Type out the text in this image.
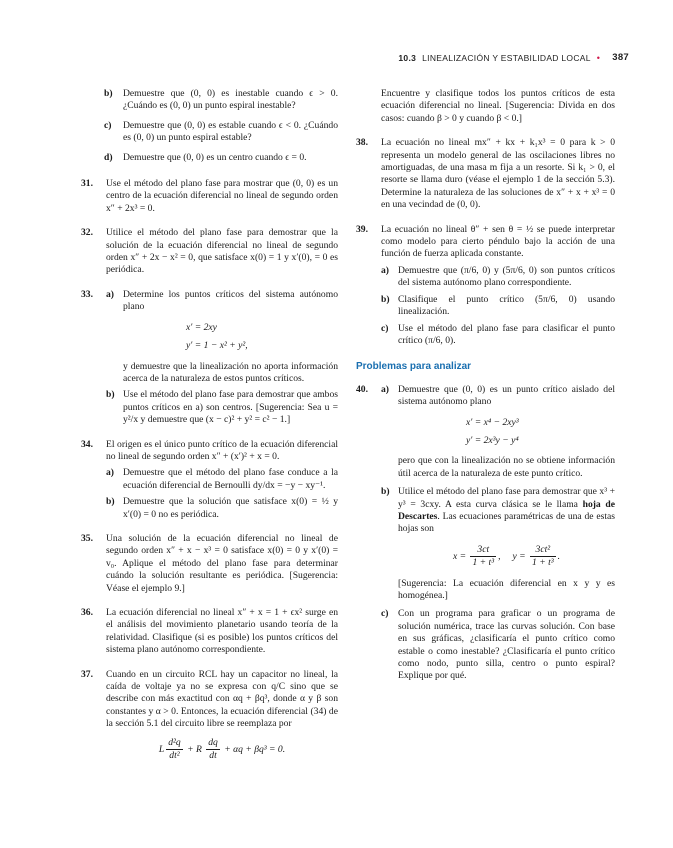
10.3 LINEALIZACIÓN Y ESTABILIDAD LOCAL • 387
b) Demuestre que (0, 0) es inestable cuando ϵ > 0. ¿Cuándo es (0, 0) un punto espiral inestable?
c) Demuestre que (0, 0) es estable cuando ϵ < 0. ¿Cuándo es (0, 0) un punto espiral estable?
d) Demuestre que (0, 0) es un centro cuando ϵ = 0.
31. Use el método del plano fase para mostrar que (0, 0) es un centro de la ecuación diferencial no lineal de segundo orden x″ + 2x³ = 0.
32. Utilice el método del plano fase para demostrar que la solución de la ecuación diferencial no lineal de segundo orden x″ + 2x − x² = 0, que satisface x(0) = 1 y x′(0), = 0 es periódica.
33. a) Determine los puntos críticos del sistema autónomo plano
x′ = 2xy
y′ = 1 − x² + y²,
y demuestre que la linealización no aporta información acerca de la naturaleza de estos puntos críticos.
b) Use el método del plano fase para demostrar que ambos puntos críticos en a) son centros. [Sugerencia: Sea u = y²/x y demuestre que (x − c)² + y² = c² − 1.]
34. El origen es el único punto crítico de la ecuación diferencial no lineal de segundo orden x″ + (x′)² + x = 0.
a) Demuestre que el método del plano fase conduce a la ecuación diferencial de Bernoulli dy/dx = −y − xy⁻¹.
b) Demuestre que la solución que satisface x(0) = ½ y x′(0) = 0 no es periódica.
35. Una solución de la ecuación diferencial no lineal de segundo orden x″ + x − x³ = 0 satisface x(0) = 0 y x′(0) = v₀. Aplique el método del plano fase para determinar cuándo la solución resultante es periódica. [Sugerencia: Véase el ejemplo 9.]
36. La ecuación diferencial no lineal x″ + x = 1 + ϵx² surge en el análisis del movimiento planetario usando teoría de la relatividad. Clasifique (si es posible) los puntos críticos del sistema plano autónomo correspondiente.
37. Cuando en un circuito RCL hay un capacitor no lineal, la caída de voltaje ya no se expresa con q/C sino que se describe con más exactitud con αq + βq³, donde α y β son constantes y α > 0. Entonces, la ecuación diferencial (34) de la sección 5.1 del circuito libre se reemplaza por
L $\frac{\text{d²q}}{\text{dt²}} + R \frac{dq}{dt} + \alpha q + \beta q^3 = 0$.
Encuentre y clasifique todos los puntos críticos de esta ecuación diferencial no lineal. [Sugerencia: Divida en dos casos: cuando β > 0 y cuando β < 0.]
38. La ecuación no lineal mx″ + kx + k₁x³ = 0 para k > 0 representa un modelo general de las oscilaciones libres no amortiguadas, de una masa m fija a un resorte. Si k₁ > 0, el resorte se llama duro (véase el ejemplo 1 de la sección 5.3). Determine la naturaleza de las soluciones de x″ + x + x³ = 0 en una vecindad de (0, 0).
39. La ecuación no lineal θ″ + sen θ = ½ se puede interpretar como modelo para cierto péndulo bajo la acción de una función de fuerza aplicada constante.
a) Demuestre que (π/6, 0) y (5π/6, 0) son puntos críticos del sistema autónomo plano correspondiente.
b) Clasifique el punto crítico (5π/6, 0) usando linealización.
c) Use el método del plano fase para clasificar el punto crítico (π/6, 0).
Problemas para analizar
40. a) Demuestre que (0, 0) es un punto crítico aislado del sistema autónomo plano
x′ = x⁴ − 2xy³
y′ = 2x³y − y⁴
pero que con la linealización no se obtiene información útil acerca de la naturaleza de este punto crítico.
b) Utilice el método del plano fase para demostrar que x³ + y³ = 3cxy. A esta curva clásica se le llama hoja de Descartes. Las ecuaciones paramétricas de una de estas hojas son
$x = \frac{3ct}{\text{1 + t³}}$ , $y = \frac{\text{3ct²}}{\text{1 + t³}}$ .
[Sugerencia: La ecuación diferencial en x y y es homogénea.]
c) Con un programa para graficar o un programa de solución numérica, trace las curvas solución. Con base en sus gráficas, ¿clasificaría el punto crítico como estable o como inestable? ¿Clasificaría el punto crítico como nodo, punto silla, centro o punto espiral? Explique por qué.
